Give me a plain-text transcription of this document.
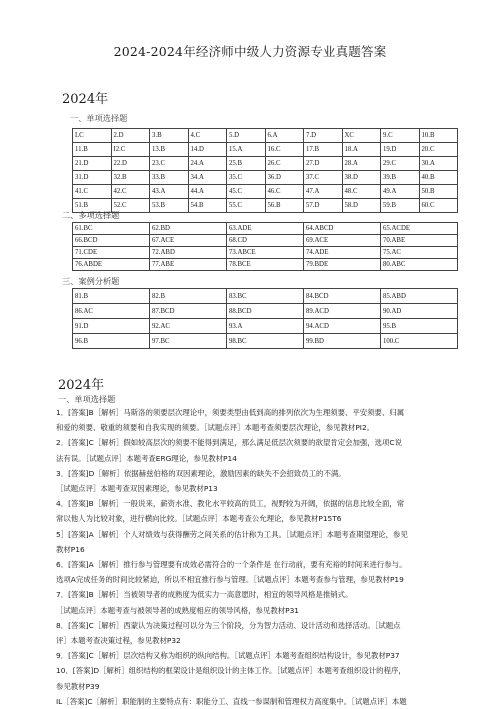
2024-2024年经济师中级人力资源专业真题答案
2024年
一、单项选择题
LC	2.D	3.B	4.C	5.D	6.A	7.D	XC	9.C	10.B
11.B	I2.C	13.B	14.D	15.A	16.C	17.B	18.A	19.D	20.C
21.D	22.D	23.C	24.A	25.B	26.C	27.D	28.A	29.C	30.A
31.D	32.B	33.B	34.A	35.C	36.D	37.C	38.D	39.B	40.B
41.C	42.C	43.A	44.A	45.C	46.C	47.A	48.C	49.A	50.B
51.B	52.C	53.B	54.B	55.C	56.B	57.D	58.D	59.B	60.C
二、多项选择题
61.BC	62.BD	63.ADE	64.ABCD	65.ACDE
66.BCD	67.ACE	68.CD	69.ACE	70.ABE
71.CDE	72.ABD	73.ABCE	74.ADE	75.AC
76.ABDE	77.ABE	78.BCE	79.BDE	80.ABC
三、案例分析题
81.B	82.B	83.BC	84.BCD	85.ABD
86.AC	87.BCD	88.BCD	89.ACD	90.AD
91.D	92.AC	93.A	94.ACD	95.B
96.B	97.BC	98.BC	99.BD	100.C
2024年
一、单项选择题
1．[答案]B［解析］马斯洛的须要层次理论中，须要类型由低到高的排列依次为生理须要、平安须要、归属
和爱的须要、敬重的须要和自我实现的须要。［试题点评］本题考查须要层次理论，参见教材PI2。
2．[答案]C［解析］假如较高层次的须要不能得到满足，那么满足低层次须要的欲望肯定会加强，选项C说
法有误。［试题点评］本题考查ERG理论，参见教材P14
3．[答案]D［解析］依据赫兹伯格的双因素理论，激励因素的缺失不会招致员工的不满。
［试题点评］本题考查双因素理论，参见教材P13
4．[答案]B［解析］一般说来，薪资水准、教化水平较高的员工，视野较为开阔，依据的信息比较全面，常
常以他人为比较对象，进行横向比较。［试题点评］本题考查公允理论，参见教材P15T6
5］[答案]A［解析］个人对绩效与获得酬劳之间关系的估计称为工具。［试题点评］本题考查期望理论，参见
教材P16
6．[答案]A［解析］推行参与管理要有成效必需符合的一个条件是 在行动前，要有充裕的时间来进行参与。
选项A完成任务的时间比较紧迫，所以不相宜推行参与管理。［试题点评］本题考查参与管理，参见教材P19
7．[答案]B［解析］当被领导者的成熟度为低实力一高意愿时，相宜的领导风格是推销式。
［试题点评］本题考查与被领导者的成熟度相应的领导风格，参见教材P31
8．[答案]C［解析］西蒙认为决策过程可以分为三个阶段，分为智力活动、设计活动和选择活动。［试题点
评］本题考查决策过程，参见教材P32
9．[答案]C［解析］层次结构又称为组织的纵向结构。［试题点评］本题考查组织结构设计，参见教材P37
10．[答案]D［解析］组织结构的框架设计是组织设计的主体工作。［试题点评］本题考查组织设计的程序，
参见教材P39
IL［答案]C［解析］职能制的主要特点有：职能分工、直线一参谋制和管理权力高度集中。［试题点评］本题
